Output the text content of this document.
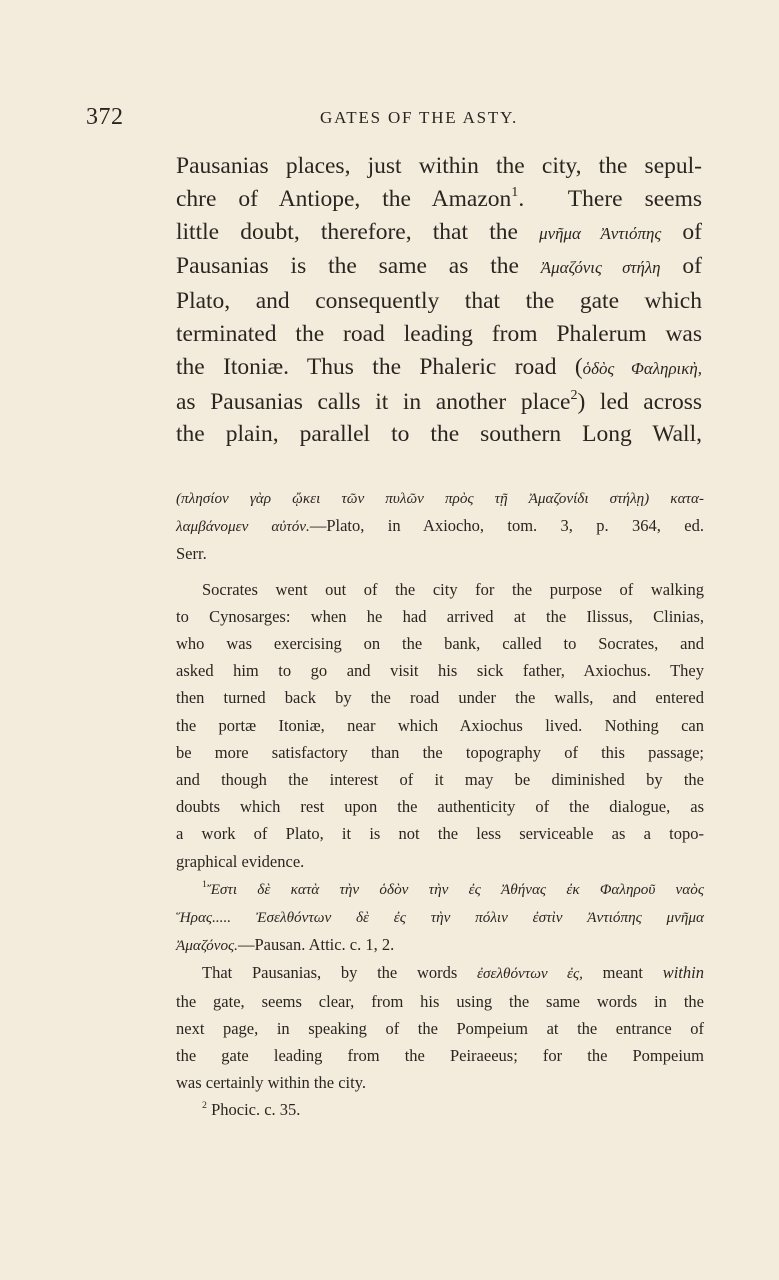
372	GATES OF THE ASTY.
Pausanias places, just within the city, the sepul-
chre of Antiope, the Amazon$^1$.  There seems
little doubt, therefore, that the μνῆμα Ἀντιόπης of
Pausanias is the same as the Ἀμαζόνις στήλη of
Plato, and consequently that the gate which
terminated the road leading from Phalerum was
the Itoniæ. Thus the Phaleric road (ὁδὸς Φαληρικὴ,
as Pausanias calls it in another place$^2$) led across
the plain, parallel to the southern Long Wall,
(πλησίον γὰρ ᾤκει τῶν πυλῶν πρὸς τῇ Ἀμαζονίδι στήλῃ) κατα-
λαμβάνομεν αὐτόν.—Plato, in Axiocho, tom. 3, p. 364, ed.
Serr.
Socrates went out of the city for the purpose of walking
to Cynosarges: when he had arrived at the Ilissus, Clinias,
who was exercising on the bank, called to Socrates, and
asked him to go and visit his sick father, Axiochus. They
then turned back by the road under the walls, and entered
the portæ Itoniæ, near which Axiochus lived. Nothing can
be more satisfactory than the topography of this passage;
and though the interest of it may be diminished by the
doubts which rest upon the authenticity of the dialogue, as
a work of Plato, it is not the less serviceable as a topo-
graphical evidence.
$^1$Ἔστι δὲ κατὰ τὴν ὁδὸν τὴν ἐς Ἀθήνας ἐκ Φαληροῦ ναὸς
Ἥρας..... Ἐσελθόντων δὲ ἐς τὴν πόλιν ἐστὶν Ἀντιόπης μνῆμα
Ἀμαζόνος.—Pausan. Attic. c. 1, 2.
That Pausanias, by the words ἐσελθόντων ἐς, meant within
the gate, seems clear, from his using the same words in the
next page, in speaking of the Pompeium at the entrance of
the gate leading from the Peiraeeus; for the Pompeium
was certainly within the city.
$^2$ Phocic. c. 35.
